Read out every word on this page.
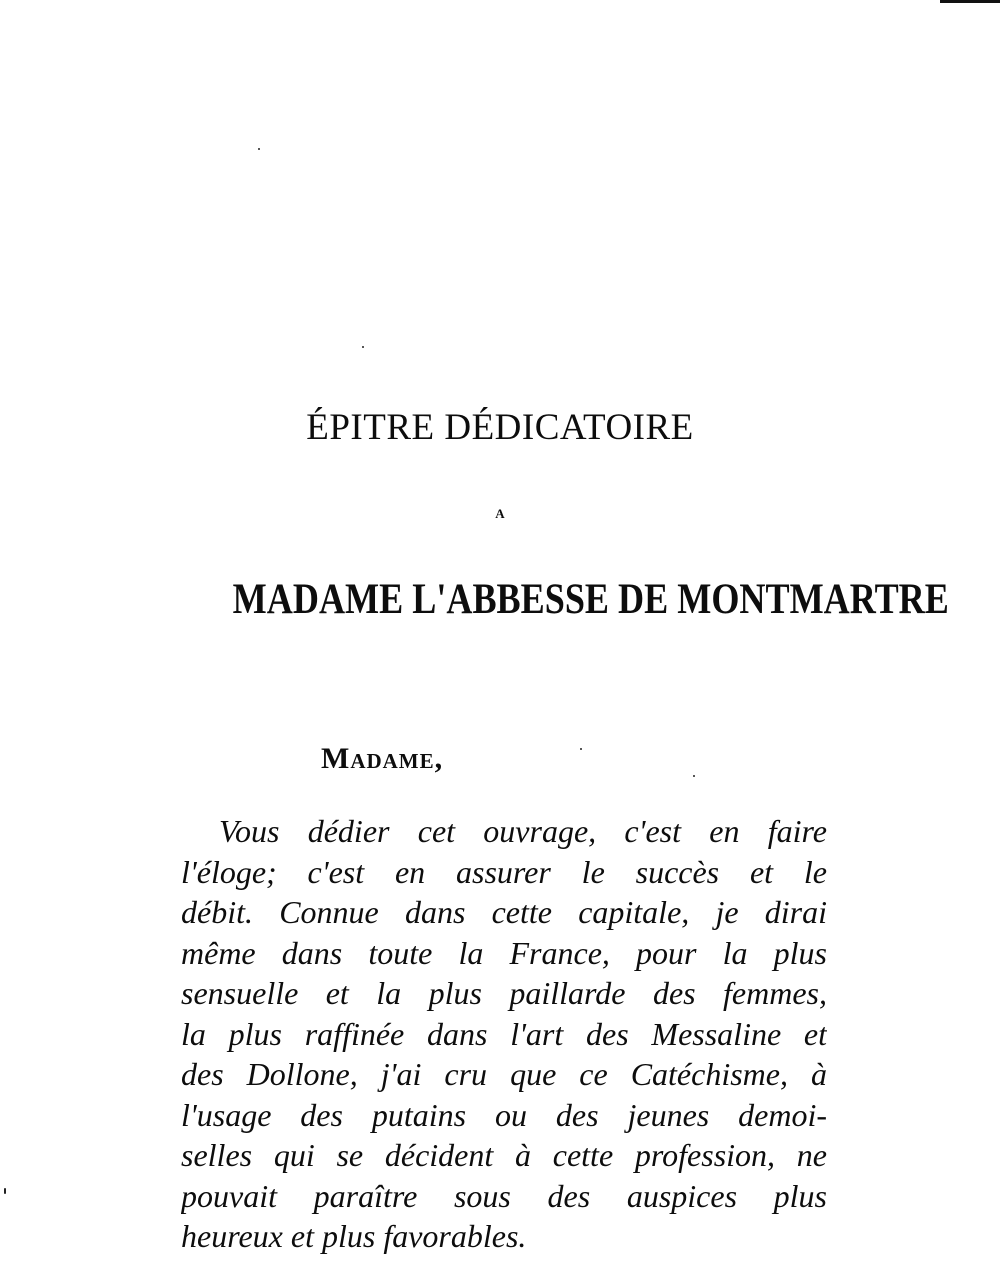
ÉPITRE DÉDICATOIRE
A
MADAME L'ABBESSE DE MONTMARTRE
Madame,
Vous dédier cet ouvrage, c'est en faire
l'éloge; c'est en assurer le succès et le
débit. Connue dans cette capitale, je dirai
même dans toute la France, pour la plus
sensuelle et la plus paillarde des femmes,
la plus raffinée dans l'art des Messaline et
des Dollone, j'ai cru que ce Catéchisme, à
l'usage des putains ou des jeunes demoi-
selles qui se décident à cette profession, ne
pouvait paraître sous des auspices plus
heureux et plus favorables.
